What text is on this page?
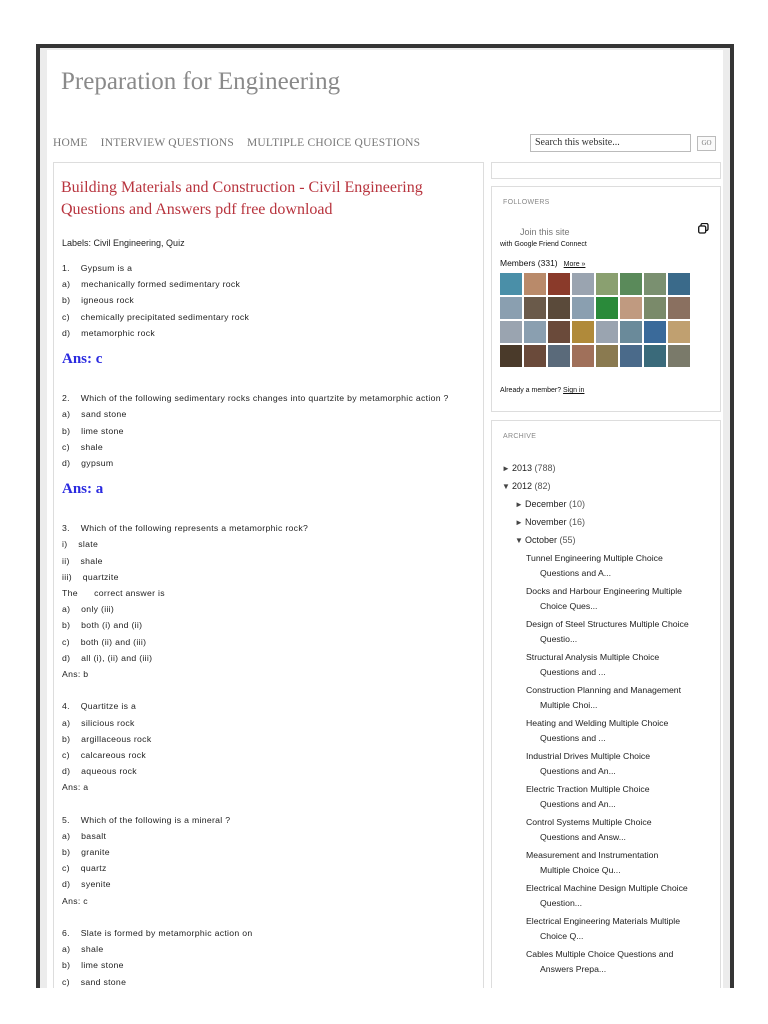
Preparation for Engineering
HOME INTERVIEW QUESTIONS MULTIPLE CHOICE QUESTIONS	Search this website...	GO
Building Materials and Construction - Civil Engineering Questions and Answers pdf free download
Labels: Civil Engineering, Quiz
1.    Gypsum is a
a)    mechanically formed sedimentary rock
b)    igneous rock
c)    chemically precipitated sedimentary rock
d)    metamorphic rock
Ans: c
2.    Which of the following sedimentary rocks changes into quartzite by metamorphic action ?
a)    sand stone
b)    lime stone
c)    shale
d)    gypsum
Ans: a
3.    Which of the following represents a metamorphic rock?
i)    slate
ii)    shale
iii)    quartzite
The      correct answer is
a)    only (iii)
b)    both (i) and (ii)
c)    both (ii) and (iii)
d)    all (i), (ii) and (iii)
Ans: b
4.    Quartitze is a
a)    silicious rock
b)    argillaceous rock
c)    calcareous rock
d)    aqueous rock
Ans: a
5.    Which of the following is a mineral ?
a)    basalt
b)    granite
c)    quartz
d)    syenite
Ans: c
6.    Slate is formed by metamorphic action on
a)    shale
b)    lime stone
c)    sand stone
FOLLOWERS
Join this site
with Google Friend Connect
Members (331) More »
Already a member? Sign in
ARCHIVE
► 2013 (788)
▼ 2012 (82)
► December (10)
► November (16)
▼ October (55)
Tunnel Engineering Multiple Choice
Questions and A...
Docks and Harbour Engineering Multiple
Choice Ques...
Design of Steel Structures Multiple Choice
Questio...
Structural Analysis Multiple Choice
Questions and ...
Construction Planning and Management
Multiple Choi...
Heating and Welding Multiple Choice
Questions and ...
Industrial Drives Multiple Choice
Questions and An...
Electric Traction Multiple Choice
Questions and An...
Control Systems Multiple Choice
Questions and Answ...
Measurement and Instrumentation
Multiple Choice Qu...
Electrical Machine Design Multiple Choice
Question...
Electrical Engineering Materials Multiple
Choice Q...
Cables Multiple Choice Questions and
Answers Prepa...
